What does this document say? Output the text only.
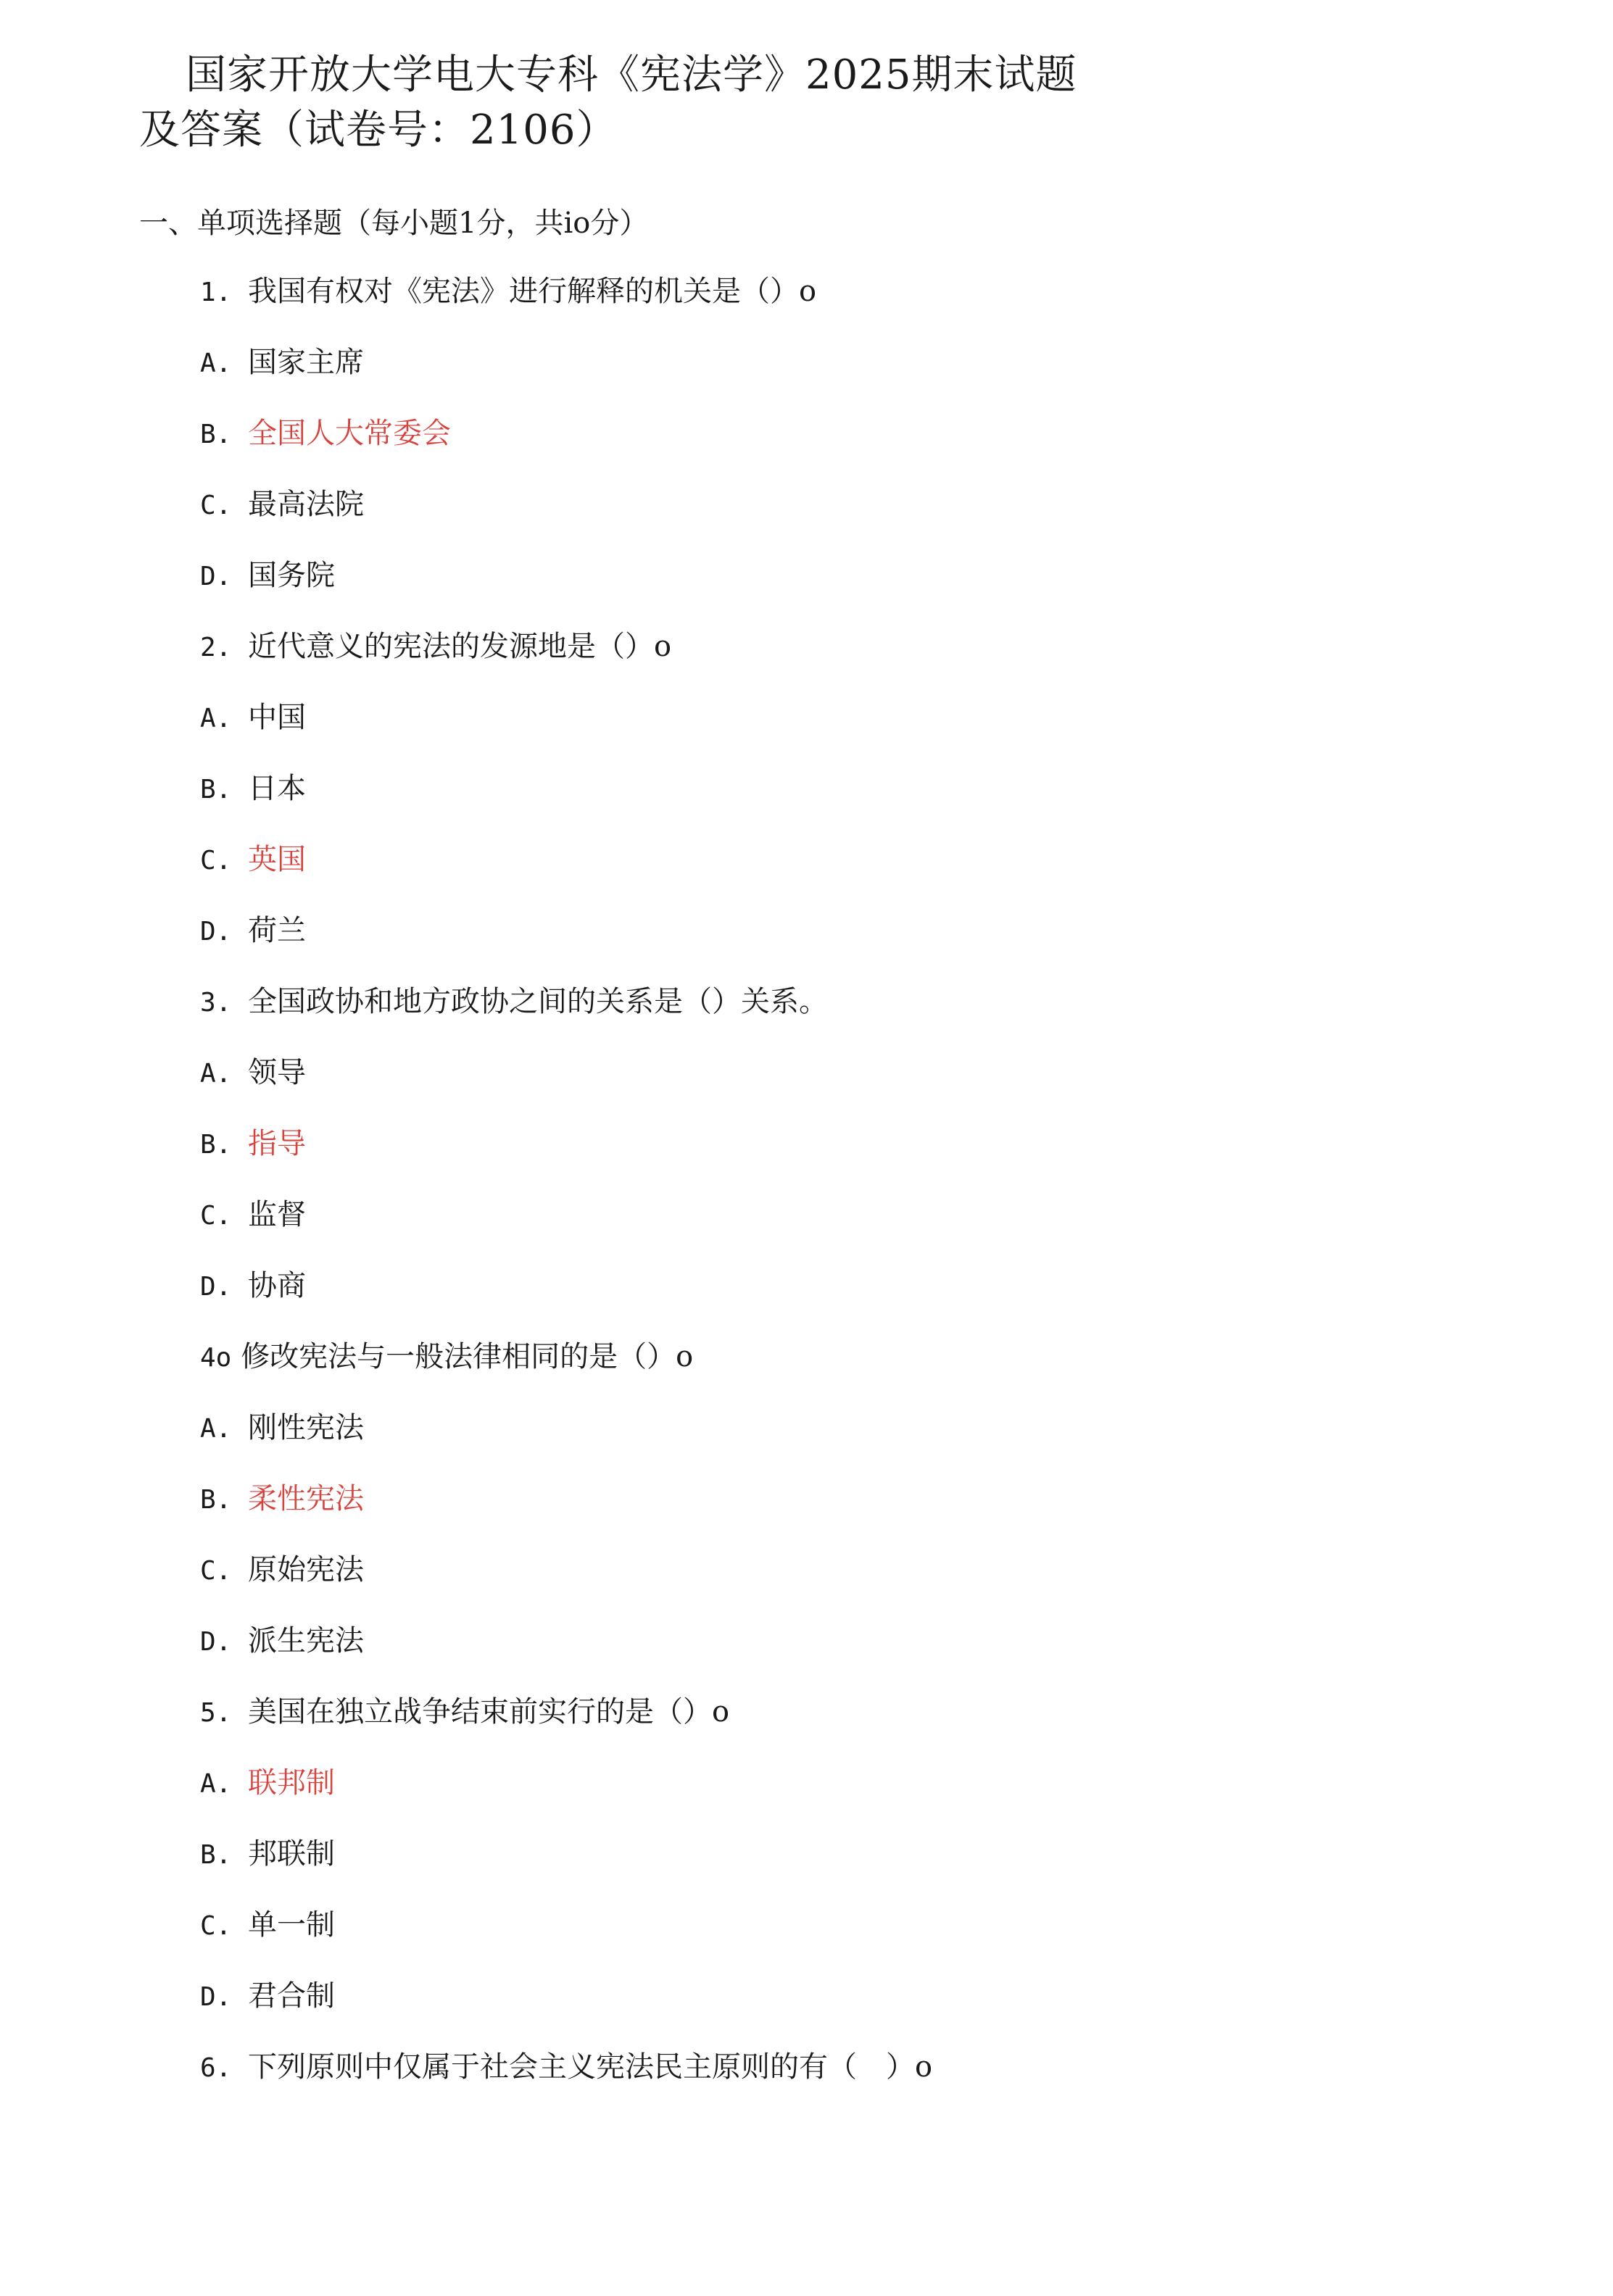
国家开放大学电大专科《宪法学》2025期末试题
及答案（试卷号：2106）
一、单项选择题（每小题1分，共io分）
1. 我国有权对《宪法》进行解释的机关是（）o
A. 国家主席
B. 全国人大常委会
C. 最高法院
D. 国务院
2. 近代意义的宪法的发源地是（）o
A. 中国
B. 日本
C. 英国
D. 荷兰
3. 全国政协和地方政协之间的关系是（）关系。
A. 领导
B. 指导
C. 监督
D. 协商
4o 修改宪法与一般法律相同的是（）o
A. 刚性宪法
B. 柔性宪法
C. 原始宪法
D. 派生宪法
5. 美国在独立战争结束前实行的是（）o
A. 联邦制
B. 邦联制
C. 单一制
D. 君合制
6. 下列原则中仅属于社会主义宪法民主原则的有（　）o
